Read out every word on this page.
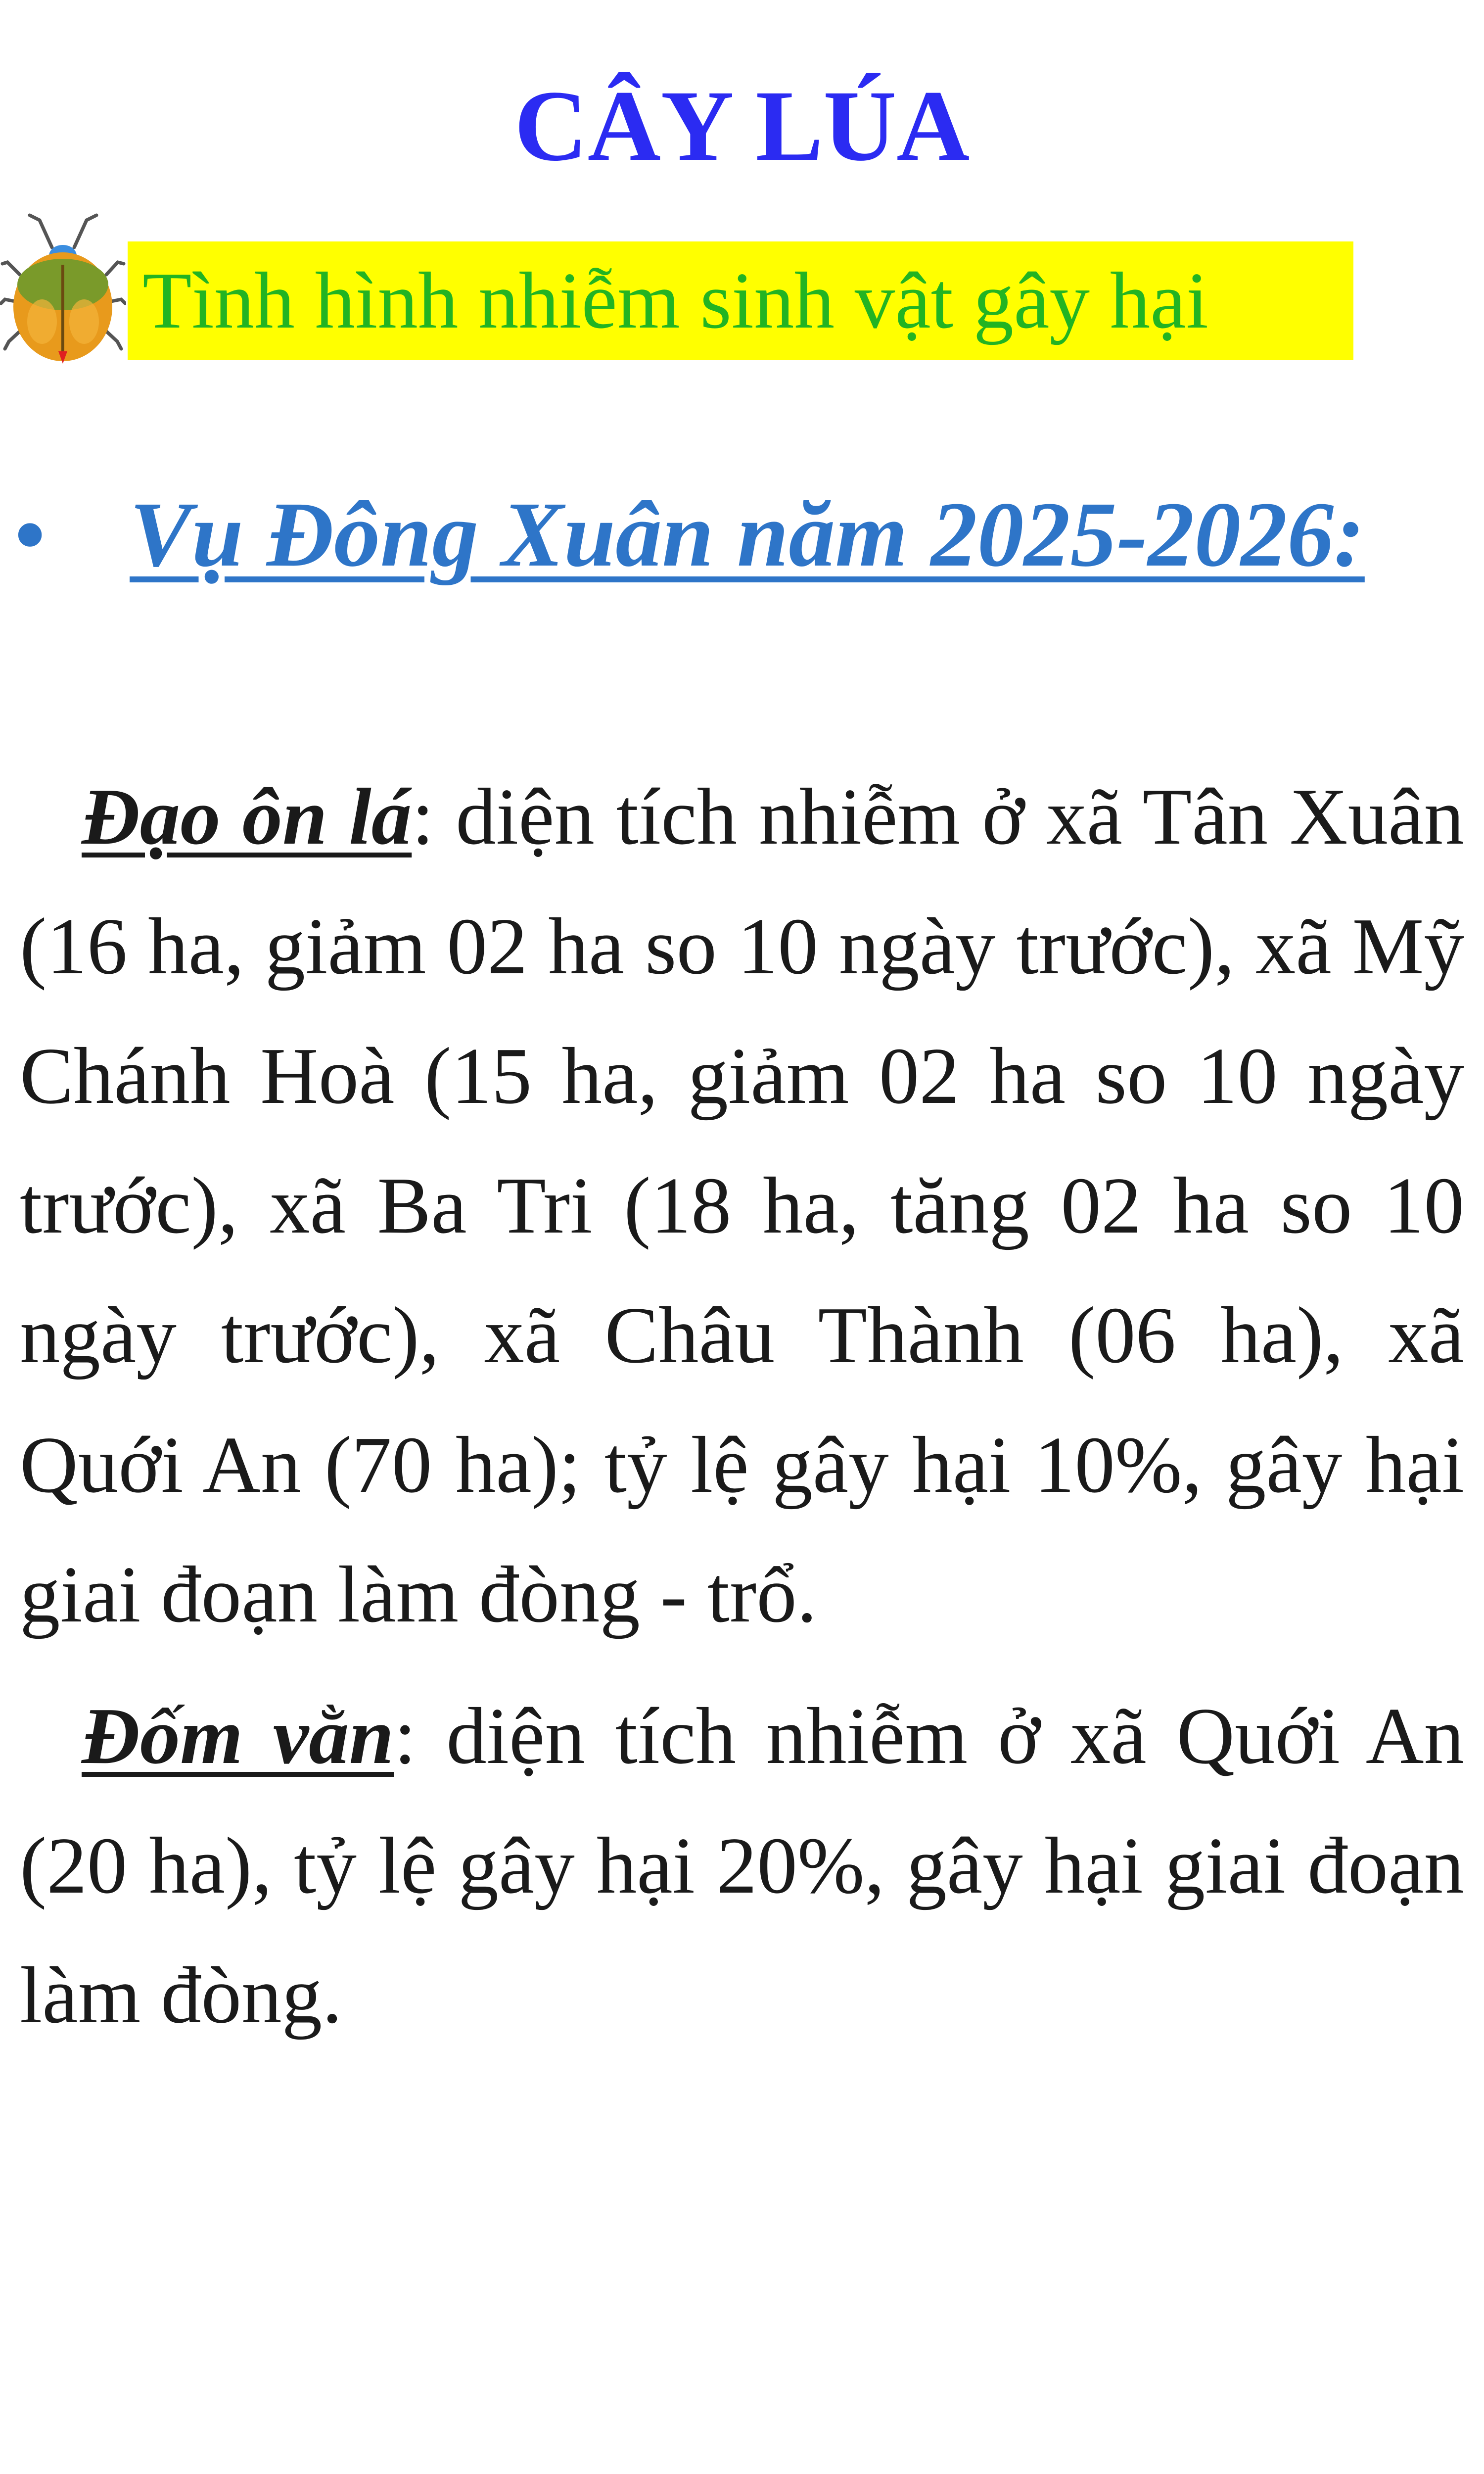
CÂY LÚA
Tình hình nhiễm sinh vật gây hại
• Vụ Đông Xuân năm 2025-2026:

Đạo ôn lá: diện tích nhiễm ở xã Tân Xuân (16 ha, giảm 02 ha so 10 ngày trước), xã Mỹ Chánh Hoà (15 ha, giảm 02 ha so 10 ngày trước), xã Ba Tri (18 ha, tăng 02 ha so 10 ngày trước), xã Châu Thành (06 ha), xã Quới An (70 ha); tỷ lệ gây hại 10%, gây hại giai đoạn làm đòng - trổ.

Đốm vằn: diện tích nhiễm ở xã Quới An (20 ha), tỷ lệ gây hại 20%, gây hại giai đoạn làm đòng.
